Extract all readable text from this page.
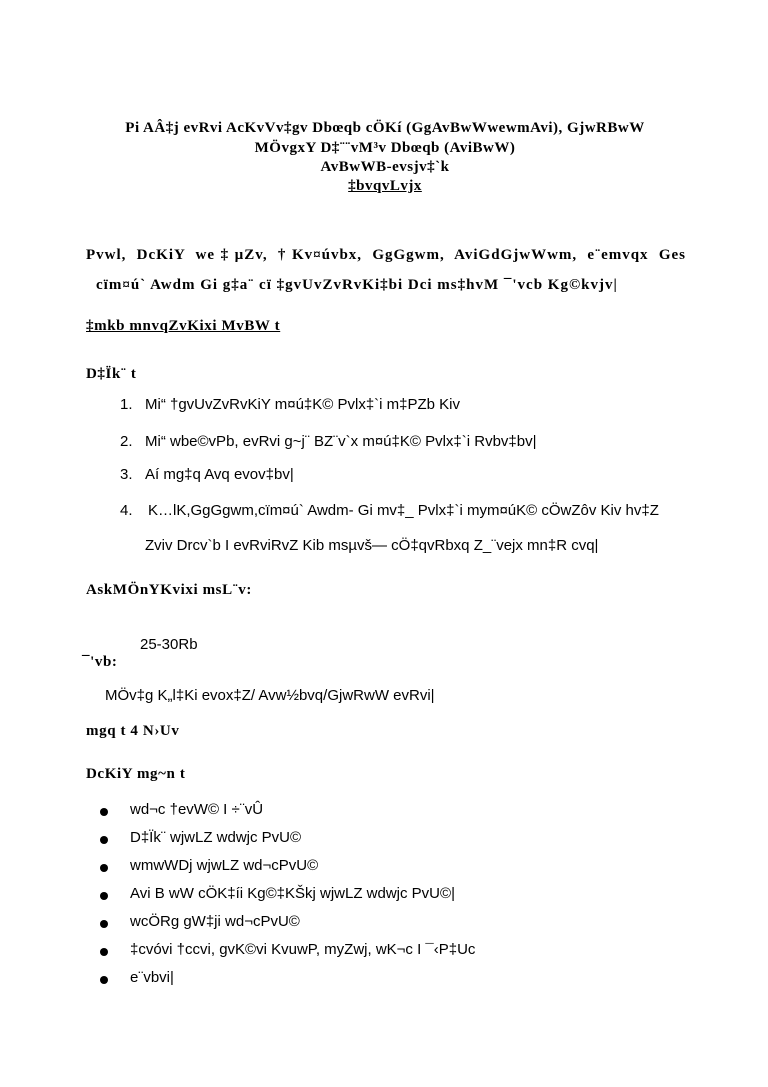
Pi AÂ‡j evRvi AcKvVv‡gv Dbœqb cÖKí (GgAvBwWwewmAvi), GjwRBwW
MÖvgxY D‡¨¨vM³v Dbœqb (AviBwW)
AvBwWB-evsjv‡`k
‡bvqvLvjx
Pvwl, DcKiY we‡µZv, †Kv¤úvbx, GgGgwm, AviGdGjwWwm, e¨emvqx Ges
cïm¤ú` Awdm Gi g‡a¨ cï ‡gvUvZvRvKi‡bi Dci ms‡hvM ¯'vcb Kg©kvjv|
‡mkb mnvqZvKixi MvBW t
D‡Ïk¨ t
1. Mi“ †gvUvZvRvKiY m¤ú‡K© Pvlx‡`i m‡PZb Kiv
2. Mi“ wbe©vPb, evRvi g~j¨ BZ¨v`x m¤ú‡K© Pvlx‡`i Rvbv‡bv|
3. Aí mg‡q Avq evov‡bv|
4. K…lK,GgGgwm,cïm¤ú` Awdm- Gi mv‡_ Pvlx‡`i mym¤úK© cÖwZôv Kiv hv‡Z
Zviv Drcv`b I evRviRvZ Kib msµvš— cÖ‡qvRbxq Z_¨vejx mn‡R cvq|
AskMÖnYKvixi msL¨v:
25-30Rb
¯'vb:
MÖv‡g K„l‡Ki evox‡Z/ Avw½bvq/GjwRwW evRvi|
mgq t 4 N›Uv
DcKiY mg~n t
wd¬c †evW© I ÷¨vÛ
D‡Ïk¨ wjwLZ wdwjc PvU©
wmwWDj wjwLZ wd¬cPvU©
Avi B wW cÖK‡íi Kg©‡KŠkj wjwLZ wdwjc PvU©|
wcÖRg gW‡ji wd¬cPvU©
‡cvóvi †ccvi, gvK©vi KvuwP, myZwj, wK¬c I ¯‹P‡Uc
e¨vbvi|
